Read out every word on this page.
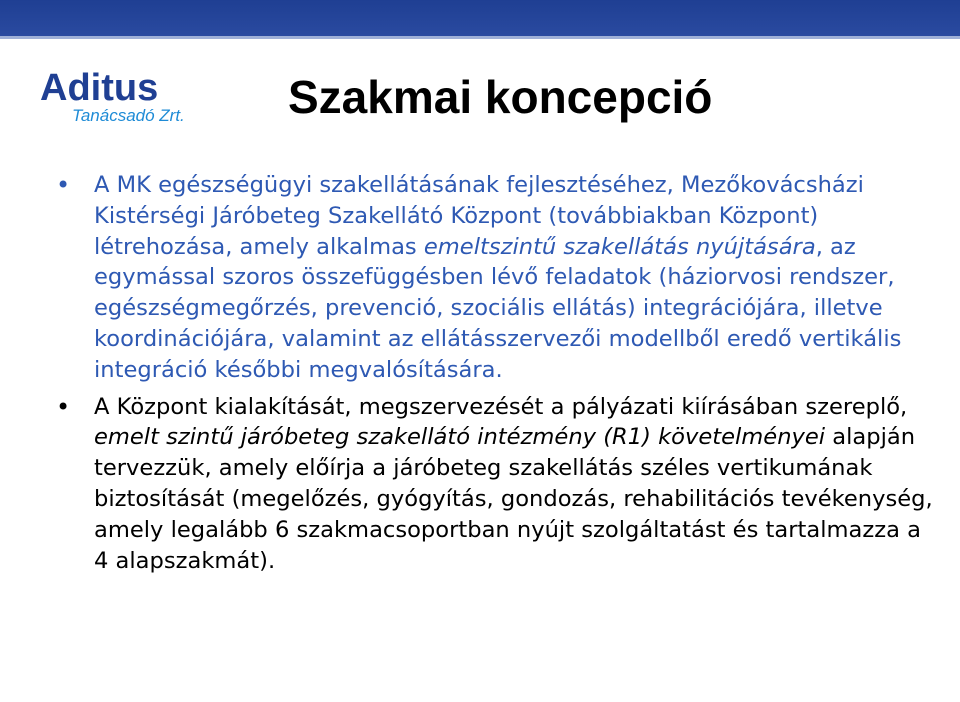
Aditus
Tanácsadó Zrt. Szakmai koncepció

• A MK egészségügyi szakellátásának fejlesztéséhez, Mezőkovácsházi Kistérségi Járóbeteg Szakellátó Központ (továbbiakban Központ) létrehozása, amely alkalmas emeltszintű szakellátás nyújtására, az egymással szoros összefüggésben lévő feladatok (háziorvosi rendszer, egészségmegőrzés, prevenció, szociális ellátás) integrációjára, illetve koordinációjára, valamint az ellátásszervezői modellből eredő vertikális integráció későbbi megvalósítására.

• A Központ kialakítását, megszervezését a pályázati kiírásában szereplő, emelt szintű járóbeteg szakellátó intézmény (R1) követelményei alapján tervezzük, amely előírja a járóbeteg szakellátás széles vertikumának biztosítását (megelőzés, gyógyítás, gondozás, rehabilitációs tevékenység, amely legalább 6 szakmacsoportban nyújt szolgáltatást és tartalmazza a 4 alapszakmát).
